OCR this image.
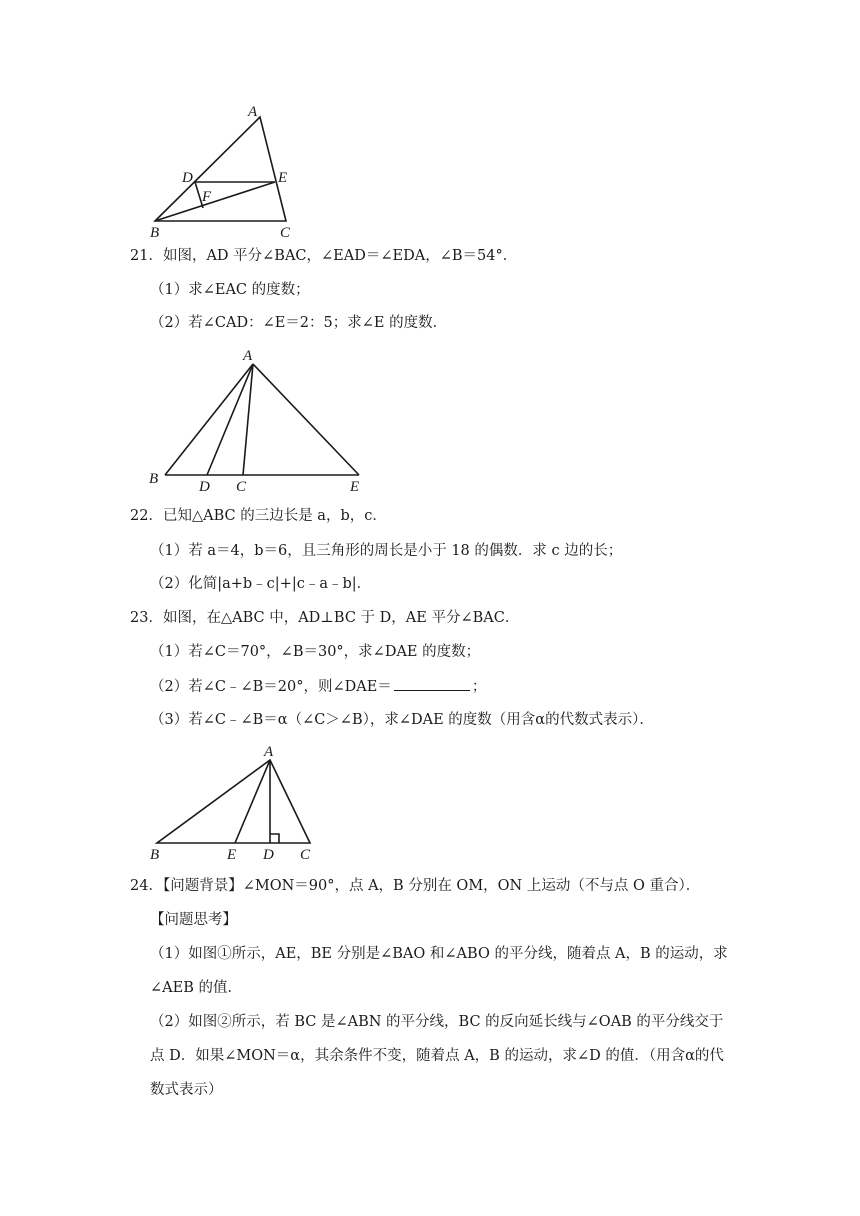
A
D	E
F
B	C
21．如图，AD 平分∠BAC，∠EAD＝∠EDA，∠B＝54°．
（1）求∠EAC 的度数；
（2）若∠CAD：∠E＝2：5；求∠E 的度数．
A
B	D C	E
22．已知△ABC 的三边长是 a，b，c．
（1）若 a＝4，b＝6，且三角形的周长是小于 18 的偶数．求 c 边的长；
（2）化简|a+b﹣c|+|c﹣a﹣b|．
23．如图，在△ABC 中，AD⊥BC 于 D，AE 平分∠BAC．
（1）若∠C＝70°，∠B＝30°，求∠DAE 的度数；
（2）若∠C﹣∠B＝20°，则∠DAE＝	；
（3）若∠C﹣∠B＝α（∠C＞∠B），求∠DAE 的度数（用含α的代数式表示）．
A
B	E D C
24．【问题背景】∠MON＝90°，点 A，B 分别在 OM，ON 上运动（不与点 O 重合）．
【问题思考】
（1）如图①所示，AE，BE 分别是∠BAO 和∠ABO 的平分线，随着点 A，B 的运动，求
∠AEB 的值．
（2）如图②所示，若 BC 是∠ABN 的平分线，BC 的反向延长线与∠OAB 的平分线交于
点 D．如果∠MON＝α，其余条件不变，随着点 A，B 的运动，求∠D 的值．（用含α的代
数式表示）
